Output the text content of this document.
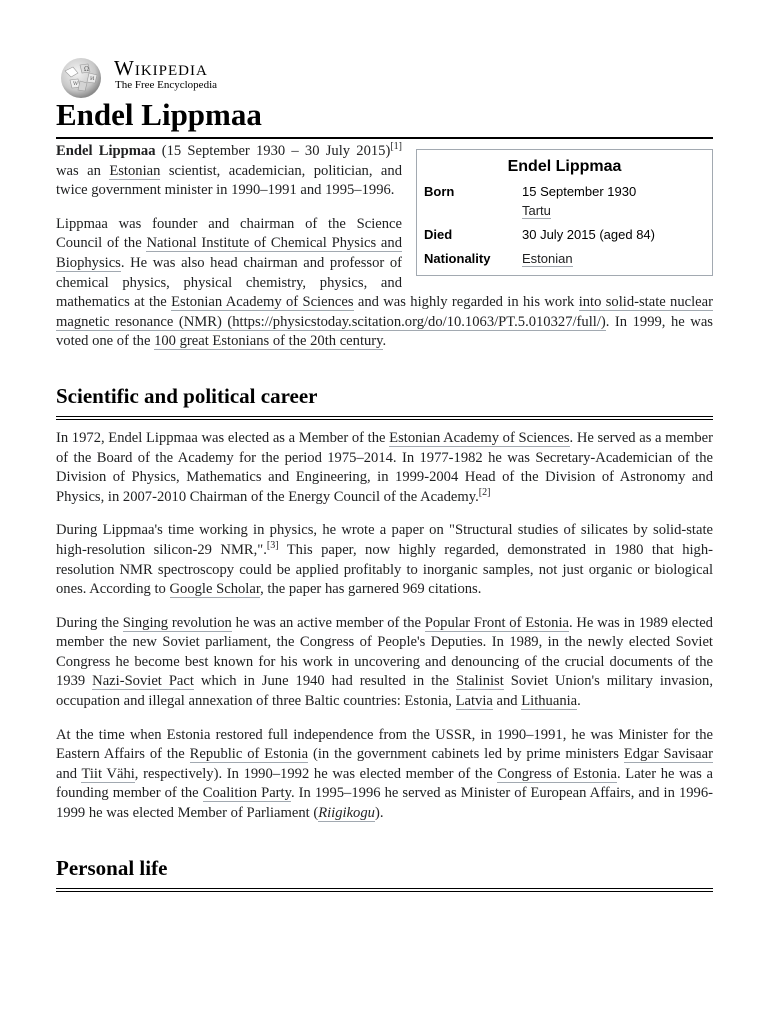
Ω
W
И Wikipedia
The Free Encyclopedia
Endel Lippmaa
Endel Lippmaa
Born	15 September 1930
Tartu
Died	30 July 2015 (aged 84)
Nationality	Estonian

Endel Lippmaa (15 September 1930 – 30 July 2015)[1] was an Estonian scientist, academician, politician, and twice government minister in 1990–1991 and 1995–1996.

Lippmaa was founder and chairman of the Science Council of the National Institute of Chemical Physics and Biophysics. He was also head chairman and professor of chemical physics, physical chemistry, physics, and mathematics at the Estonian Academy of Sciences and was highly regarded in his work into solid-state nuclear magnetic resonance (NMR) (https://physicstoday.scitation.org/do/10.1063/PT.5.010327/full/). In 1999, he was voted one of the 100 great Estonians of the 20th century.

Scientific and political career

In 1972, Endel Lippmaa was elected as a Member of the Estonian Academy of Sciences. He served as a member of the Board of the Academy for the period 1975–2014. In 1977-1982 he was Secretary-Academician of the Division of Physics, Mathematics and Engineering, in 1999-2004 Head of the Division of Astronomy and Physics, in 2007-2010 Chairman of the Energy Council of the Academy.[2]

During Lippmaa's time working in physics, he wrote a paper on "Structural studies of silicates by solid-state high-resolution silicon-29 NMR,".[3] This paper, now highly regarded, demonstrated in 1980 that high-resolution NMR spectroscopy could be applied profitably to inorganic samples, not just organic or biological ones. According to Google Scholar, the paper has garnered 969 citations.

During the Singing revolution he was an active member of the Popular Front of Estonia. He was in 1989 elected member the new Soviet parliament, the Congress of People's Deputies. In 1989, in the newly elected Soviet Congress he become best known for his work in uncovering and denouncing of the crucial documents of the 1939 Nazi-Soviet Pact which in June 1940 had resulted in the Stalinist Soviet Union's military invasion, occupation and illegal annexation of three Baltic countries: Estonia, Latvia and Lithuania.

At the time when Estonia restored full independence from the USSR, in 1990–1991, he was Minister for the Eastern Affairs of the Republic of Estonia (in the government cabinets led by prime ministers Edgar Savisaar and Tiit Vähi, respectively). In 1990–1992 he was elected member of the Congress of Estonia. Later he was a founding member of the Coalition Party. In 1995–1996 he served as Minister of European Affairs, and in 1996-1999 he was elected Member of Parliament (Riigikogu).

Personal life
